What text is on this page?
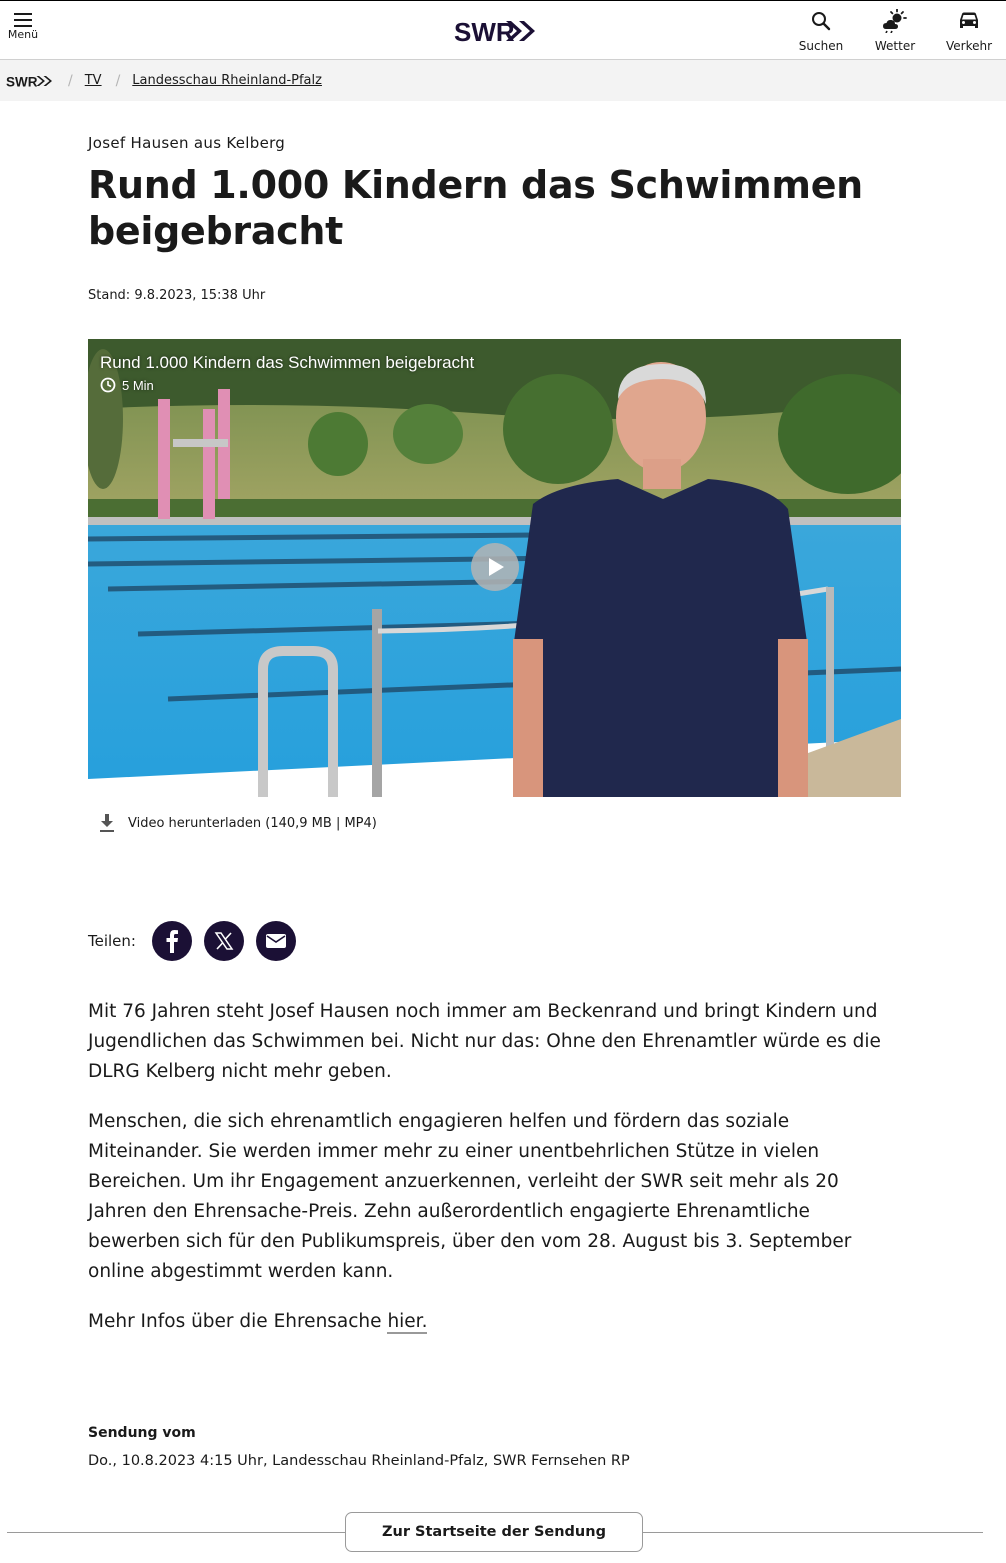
Menü	SWR	Suchen	Wetter	Verkehr
SWR / TV / Landesschau Rheinland-Pfalz
Josef Hausen aus Kelberg
Rund 1.000 Kindern das Schwimmen beigebracht
Stand: 9.8.2023, 15:38 Uhr
Rund 1.000 Kindern das Schwimmen beigebracht
5 Min
Video herunterladen (140,9 MB | MP4)
Teilen:

Mit 76 Jahren steht Josef Hausen noch immer am Beckenrand und bringt Kindern und Jugendlichen das Schwimmen bei. Nicht nur das: Ohne den Ehrenamtler würde es die DLRG Kelberg nicht mehr geben.

Menschen, die sich ehrenamtlich engagieren helfen und fördern das soziale Miteinander. Sie werden immer mehr zu einer unentbehrlichen Stütze in vielen Bereichen. Um ihr Engagement anzuerkennen, verleiht der SWR seit mehr als 20 Jahren den Ehrensache-Preis. Zehn außerordentlich engagierte Ehrenamtliche bewerben sich für den Publikumspreis, über den vom 28. August bis 3. September online abgestimmt werden kann.

Mehr Infos über die Ehrensache hier.

Sendung vom
Do., 10.8.2023 4:15 Uhr, Landesschau Rheinland-Pfalz, SWR Fernsehen RP
Zur Startseite der Sendung
